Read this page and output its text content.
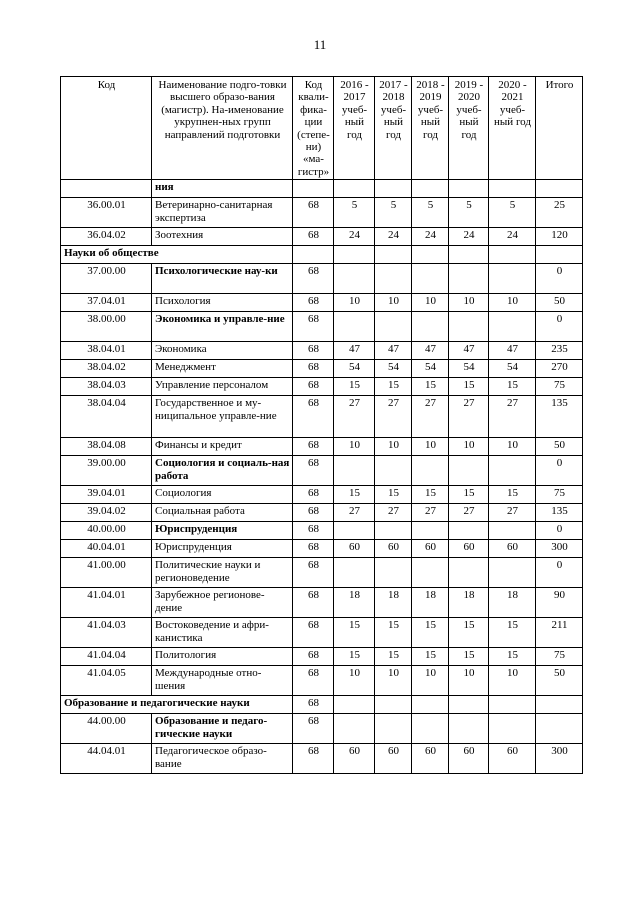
11
Код	Наименование подго-товки высшего образо-вания (магистр). На-именование укрупнен-ных групп направлений подготовки	Код квали-фика-ции (степе-ни) «ма-гистр»	2016 - 2017 учеб-ный год	2017 - 2018 учеб-ный год	2018 - 2019 учеб-ный год	2019 - 2020 учеб-ный год	2020 - 2021 учеб-ный год	Итого
	ния							
36.00.01	Ветеринарно-санитарная экспертиза	68	5	5	5	5	5	25
36.04.02	Зоотехния	68	24	24	24	24	24	120
Науки об обществе								
37.00.00	Психологические нау-ки	68						0
37.04.01	Психология	68	10	10	10	10	10	50
38.00.00	Экономика и управле-ние	68						0
38.04.01	Экономика	68	47	47	47	47	47	235
38.04.02	Менеджмент	68	54	54	54	54	54	270
38.04.03	Управление персоналом	68	15	15	15	15	15	75
38.04.04	Государственное и му-ниципальное управле-ние	68	27	27	27	27	27	135
38.04.08	Финансы и кредит	68	10	10	10	10	10	50
39.00.00	Социология и социаль-ная работа	68						0
39.04.01	Социология	68	15	15	15	15	15	75
39.04.02	Социальная работа	68	27	27	27	27	27	135
40.00.00	Юриспруденция	68						0
40.04.01	Юриспруденция	68	60	60	60	60	60	300
41.00.00	Политические науки и регионоведение	68						0
41.04.01	Зарубежное регионове-дение	68	18	18	18	18	18	90
41.04.03	Востоковедение и афри-канистика	68	15	15	15	15	15	211
41.04.04	Политология	68	15	15	15	15	15	75
41.04.05	Международные отно-шения	68	10	10	10	10	10	50
Образование и педагогические науки		68						
44.00.00	Образование и педаго-гические науки	68						
44.04.01	Педагогическое образо-вание	68	60	60	60	60	60	300
